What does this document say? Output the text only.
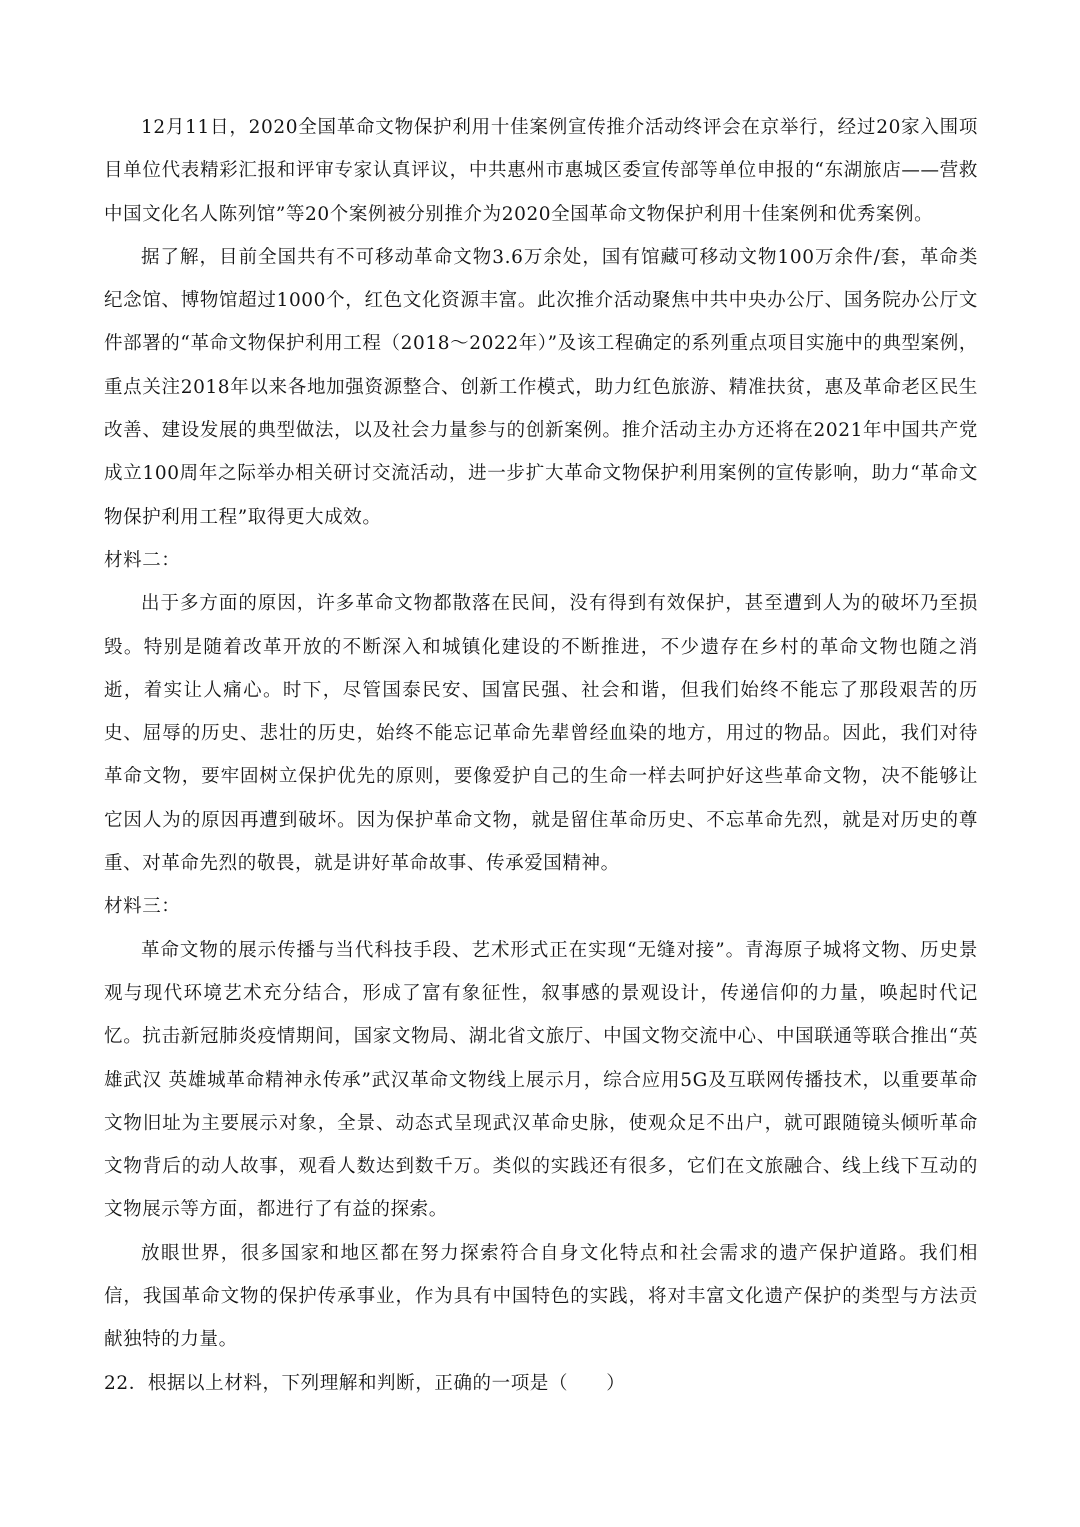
12月11日，2020全国革命文物保护利用十佳案例宣传推介活动终评会在京举行，经过20家入围项目单位代表精彩汇报和评审专家认真评议，中共惠州市惠城区委宣传部等单位申报的“东湖旅店——营救中国文化名人陈列馆”等20个案例被分别推介为2020全国革命文物保护利用十佳案例和优秀案例。

据了解，目前全国共有不可移动革命文物3.6万余处，国有馆藏可移动文物100万余件/套，革命类纪念馆、博物馆超过1000个，红色文化资源丰富。此次推介活动聚焦中共中央办公厅、国务院办公厅文件部署的“革命文物保护利用工程（2018～2022年）”及该工程确定的系列重点项目实施中的典型案例，重点关注2018年以来各地加强资源整合、创新工作模式，助力红色旅游、精准扶贫，惠及革命老区民生改善、建设发展的典型做法，以及社会力量参与的创新案例。推介活动主办方还将在2021年中国共产党成立100周年之际举办相关研讨交流活动，进一步扩大革命文物保护利用案例的宣传影响，助力“革命文物保护利用工程”取得更大成效。

材料二：

出于多方面的原因，许多革命文物都散落在民间，没有得到有效保护，甚至遭到人为的破坏乃至损毁。特别是随着改革开放的不断深入和城镇化建设的不断推进，不少遗存在乡村的革命文物也随之消逝，着实让人痛心。时下，尽管国泰民安、国富民强、社会和谐，但我们始终不能忘了那段艰苦的历史、屈辱的历史、悲壮的历史，始终不能忘记革命先辈曾经血染的地方，用过的物品。因此，我们对待革命文物，要牢固树立保护优先的原则，要像爱护自己的生命一样去呵护好这些革命文物，决不能够让它因人为的原因再遭到破坏。因为保护革命文物，就是留住革命历史、不忘革命先烈，就是对历史的尊重、对革命先烈的敬畏，就是讲好革命故事、传承爱国精神。

材料三：

革命文物的展示传播与当代科技手段、艺术形式正在实现“无缝对接”。青海原子城将文物、历史景观与现代环境艺术充分结合，形成了富有象征性，叙事感的景观设计，传递信仰的力量，唤起时代记忆。抗击新冠肺炎疫情期间，国家文物局、湖北省文旅厅、中国文物交流中心、中国联通等联合推出“英雄武汉 英雄城革命精神永传承”武汉革命文物线上展示月，综合应用5G及互联网传播技术，以重要革命文物旧址为主要展示对象，全景、动态式呈现武汉革命史脉，使观众足不出户，就可跟随镜头倾听革命文物背后的动人故事，观看人数达到数千万。类似的实践还有很多，它们在文旅融合、线上线下互动的文物展示等方面，都进行了有益的探索。

放眼世界，很多国家和地区都在努力探索符合自身文化特点和社会需求的遗产保护道路。我们相信，我国革命文物的保护传承事业，作为具有中国特色的实践，将对丰富文化遗产保护的类型与方法贡献独特的力量。

22．根据以上材料，下列理解和判断，正确的一项是（　　）
